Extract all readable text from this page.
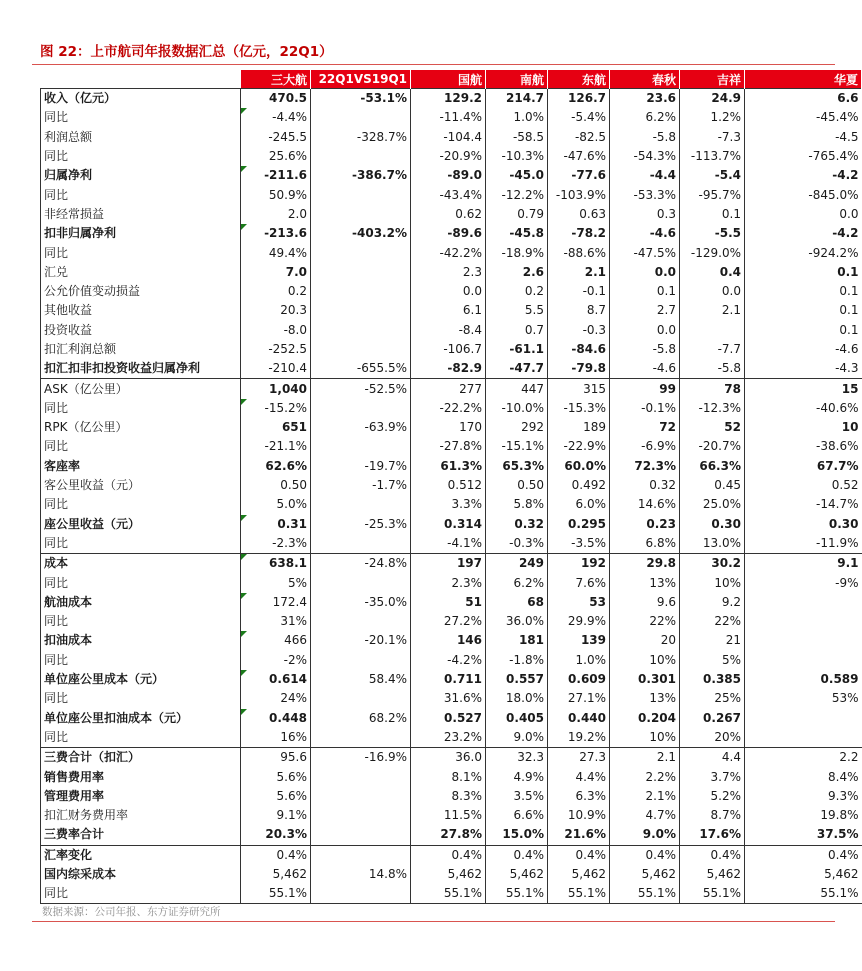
图 22：上市航司年报数据汇总（亿元，22Q1）
	三大航	22Q1VS19Q1	国航	南航	东航	春秋	吉祥	华夏
收入（亿元）	470.5	-53.1%	129.2	214.7	126.7	23.6	24.9	6.6
同比	-4.4%		-11.4%	1.0%	-5.4%	6.2%	1.2%	-45.4%
利润总额	-245.5	-328.7%	-104.4	-58.5	-82.5	-5.8	-7.3	-4.5
同比	25.6%		-20.9%	-10.3%	-47.6%	-54.3%	-113.7%	-765.4%
归属净利	-211.6	-386.7%	-89.0	-45.0	-77.6	-4.4	-5.4	-4.2
同比	50.9%		-43.4%	-12.2%	-103.9%	-53.3%	-95.7%	-845.0%
非经常损益	2.0		0.62	0.79	0.63	0.3	0.1	0.0
扣非归属净利	-213.6	-403.2%	-89.6	-45.8	-78.2	-4.6	-5.5	-4.2
同比	49.4%		-42.2%	-18.9%	-88.6%	-47.5%	-129.0%	-924.2%
汇兑	7.0		2.3	2.6	2.1	0.0	0.4	0.1
公允价值变动损益	0.2		0.0	0.2	-0.1	0.1	0.0	0.1
其他收益	20.3		6.1	5.5	8.7	2.7	2.1	0.1
投资收益	-8.0		-8.4	0.7	-0.3	0.0		0.1
扣汇利润总额	-252.5		-106.7	-61.1	-84.6	-5.8	-7.7	-4.6
扣汇扣非扣投资收益归属净利	-210.4	-655.5%	-82.9	-47.7	-79.8	-4.6	-5.8	-4.3
ASK（亿公里）	1,040	-52.5%	277	447	315	99	78	15
同比	-15.2%		-22.2%	-10.0%	-15.3%	-0.1%	-12.3%	-40.6%
RPK（亿公里）	651	-63.9%	170	292	189	72	52	10
同比	-21.1%		-27.8%	-15.1%	-22.9%	-6.9%	-20.7%	-38.6%
客座率	62.6%	-19.7%	61.3%	65.3%	60.0%	72.3%	66.3%	67.7%
客公里收益（元）	0.50	-1.7%	0.512	0.50	0.492	0.32	0.45	0.52
同比	5.0%		3.3%	5.8%	6.0%	14.6%	25.0%	-14.7%
座公里收益（元）	0.31	-25.3%	0.314	0.32	0.295	0.23	0.30	0.30
同比	-2.3%		-4.1%	-0.3%	-3.5%	6.8%	13.0%	-11.9%
成本	638.1	-24.8%	197	249	192	29.8	30.2	9.1
同比	5%		2.3%	6.2%	7.6%	13%	10%	-9%
航油成本	172.4	-35.0%	51	68	53	9.6	9.2	
同比	31%		27.2%	36.0%	29.9%	22%	22%	
扣油成本	466	-20.1%	146	181	139	20	21	
同比	-2%		-4.2%	-1.8%	1.0%	10%	5%	
单位座公里成本（元）	0.614	58.4%	0.711	0.557	0.609	0.301	0.385	0.589
同比	24%		31.6%	18.0%	27.1%	13%	25%	53%
单位座公里扣油成本（元）	0.448	68.2%	0.527	0.405	0.440	0.204	0.267	
同比	16%		23.2%	9.0%	19.2%	10%	20%	
三费合计（扣汇）	95.6	-16.9%	36.0	32.3	27.3	2.1	4.4	2.2
销售费用率	5.6%		8.1%	4.9%	4.4%	2.2%	3.7%	8.4%
管理费用率	5.6%		8.3%	3.5%	6.3%	2.1%	5.2%	9.3%
扣汇财务费用率	9.1%		11.5%	6.6%	10.9%	4.7%	8.7%	19.8%
三费率合计	20.3%		27.8%	15.0%	21.6%	9.0%	17.6%	37.5%
汇率变化	0.4%		0.4%	0.4%	0.4%	0.4%	0.4%	0.4%
国内综采成本	5,462	14.8%	5,462	5,462	5,462	5,462	5,462	5,462
同比	55.1%		55.1%	55.1%	55.1%	55.1%	55.1%	55.1%
数据来源：公司年报、东方证券研究所
